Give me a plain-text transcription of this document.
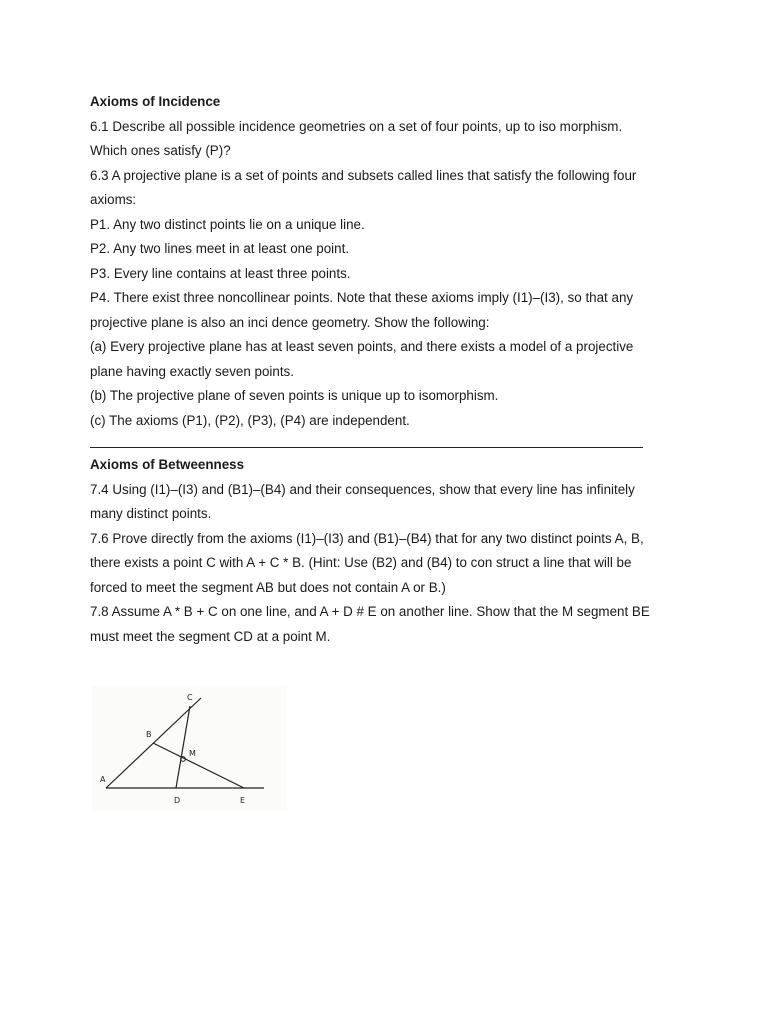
Axioms of Incidence

6.1 Describe all possible incidence geometries on a set of four points, up to iso morphism.

Which ones satisfy (P)?

6.3 A projective plane is a set of points and subsets called lines that satisfy the following four

axioms:

P1. Any two distinct points lie on a unique line.

P2. Any two lines meet in at least one point.

P3. Every line contains at least three points.

P4. There exist three noncollinear points. Note that these axioms imply (I1)–(I3), so that any

projective plane is also an inci dence geometry. Show the following:

(a) Every projective plane has at least seven points, and there exists a model of a projective

plane having exactly seven points.

(b) The projective plane of seven points is unique up to isomorphism.

(c) The axioms (P1), (P2), (P3), (P4) are independent.

Axioms of Betweenness

7.4 Using (I1)–(I3) and (B1)–(B4) and their consequences, show that every line has infinitely

many distinct points.

7.6 Prove directly from the axioms (I1)–(I3) and (B1)–(B4) that for any two distinct points A, B,

there exists a point C with A + C * B. (Hint: Use (B2) and (B4) to con struct a line that will be

forced to meet the segment AB but does not contain A or B.)

7.8 Assume A * B + C on one line, and A + D # E on another line. Show that the M segment BE

must meet the segment CD at a point M.

C
B
M
A
D	E
